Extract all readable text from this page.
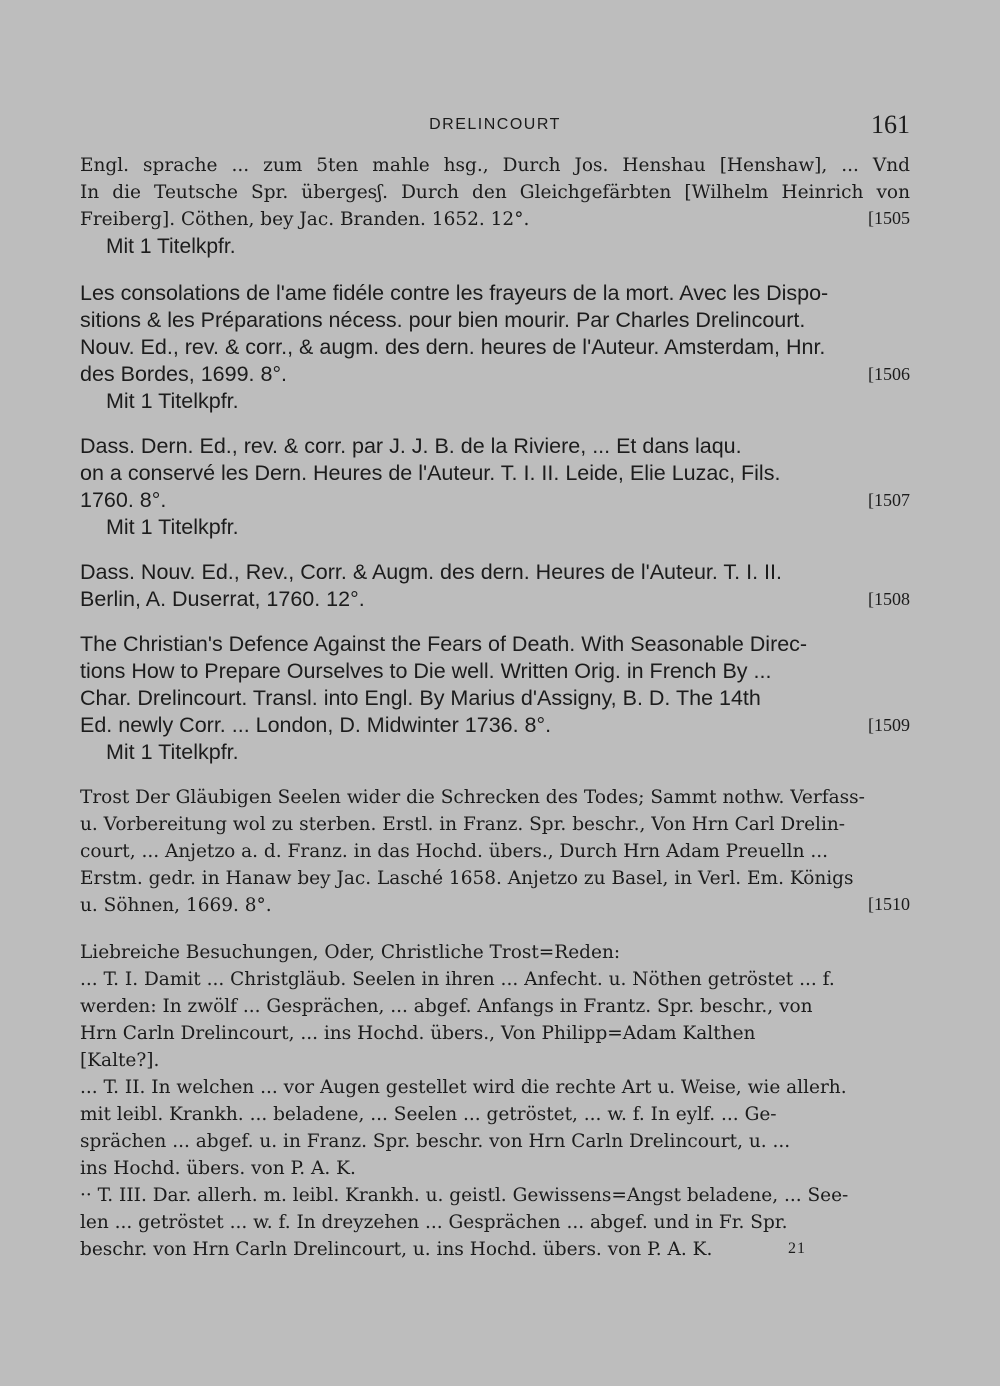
DRELINCOURT	161
Engl. sprache ... zum 5ten mahle hsg., Durch Jos. Henshau [Henshaw], ... Vnd
In die Teutsche Spr. übergesʃ. Durch den Gleichgefärbten [Wilhelm Heinrich von
Freiberg]. Cöthen, bey Jac. Branden. 1652. 12°.	[1505
Mit 1 Titelkpfr.
Les consolations de l'ame fidéle contre les frayeurs de la mort. Avec les Dispo-
sitions & les Préparations nécess. pour bien mourir. Par Charles Drelincourt.
Nouv. Ed., rev. & corr., & augm. des dern. heures de l'Auteur. Amsterdam, Hnr.
des Bordes, 1699. 8°.	[1506
Mit 1 Titelkpfr.
Dass. Dern. Ed., rev. & corr. par J. J. B. de la Riviere, ... Et dans laqu.
on a conservé les Dern. Heures de l'Auteur. T. I. II. Leide, Elie Luzac, Fils.
1760. 8°.	[1507
Mit 1 Titelkpfr.
Dass. Nouv. Ed., Rev., Corr. & Augm. des dern. Heures de l'Auteur. T. I. II.
Berlin, A. Duserrat, 1760. 12°.	[1508
The Christian's Defence Against the Fears of Death. With Seasonable Direc-
tions How to Prepare Ourselves to Die well. Written Orig. in French By ...
Char. Drelincourt. Transl. into Engl. By Marius d'Assigny, B. D. The 14th
Ed. newly Corr. ... London, D. Midwinter 1736. 8°.	[1509
Mit 1 Titelkpfr.
Trost Der Gläubigen Seelen wider die Schrecken des Todes; Sammt nothw. Verfass-
u. Vorbereitung wol zu sterben. Erstl. in Franz. Spr. beschr., Von Hrn Carl Drelin-
court, ... Anjetzo a. d. Franz. in das Hochd. übers., Durch Hrn Adam Preuelln ...
Erstm. gedr. in Hanaw bey Jac. Lasché 1658. Anjetzo zu Basel, in Verl. Em. Königs
u. Söhnen, 1669. 8°.	[1510
Liebreiche Besuchungen, Oder, Christliche Trost=Reden:
... T. I. Damit ... Christgläub. Seelen in ihren ... Anfecht. u. Nöthen getröstet ... f.
werden: In zwölf ... Gesprächen, ... abgef. Anfangs in Frantz. Spr. beschr., von
Hrn Carln Drelincourt, ... ins Hochd. übers., Von Philipp=Adam Kalthen
[Kalte?].
... T. II. In welchen ... vor Augen gestellet wird die rechte Art u. Weise, wie allerh.
mit leibl. Krankh. ... beladene, ... Seelen ... getröstet, ... w. f. In eylf. ... Ge-
sprächen ... abgef. u. in Franz. Spr. beschr. von Hrn Carln Drelincourt, u. ...
ins Hochd. übers. von P. A. K.
·· T. III. Dar. allerh. m. leibl. Krankh. u. geistl. Gewissens=Angst beladene, ... See-
len ... getröstet ... w. f. In dreyzehen ... Gesprächen ... abgef. und in Fr. Spr.
beschr. von Hrn Carln Drelincourt, u. ins Hochd. übers. von P. A. K.	21
